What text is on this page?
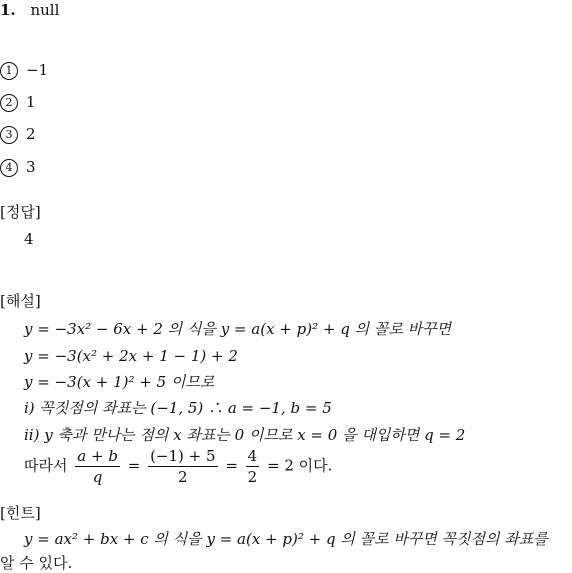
1. null
1 −1
2 1
3 2
4 3
[정답]
4
[해설]
y = −3x² − 6x + 2 의 식을 y = a(x + p)² + q 의 꼴로 바꾸면
y = −3(x² + 2x + 1 − 1) + 2
y = −3(x + 1)² + 5 이므로
i) 꼭짓점의 좌표는 (−1, 5) ∴ a = −1, b = 5
ii) y 축과 만나는 점의 x 좌표는 0 이므로 x = 0 을 대입하면 q = 2
따라서 $\frac{a + b}{q} = \frac{(-1) + 5}{2} = \frac{4}{2} = 2$ 이다.
[힌트]
y = ax² + bx + c 의 식을 y = a(x + p)² + q 의 꼴로 바꾸면 꼭짓점의 좌표를
알 수 있다.
